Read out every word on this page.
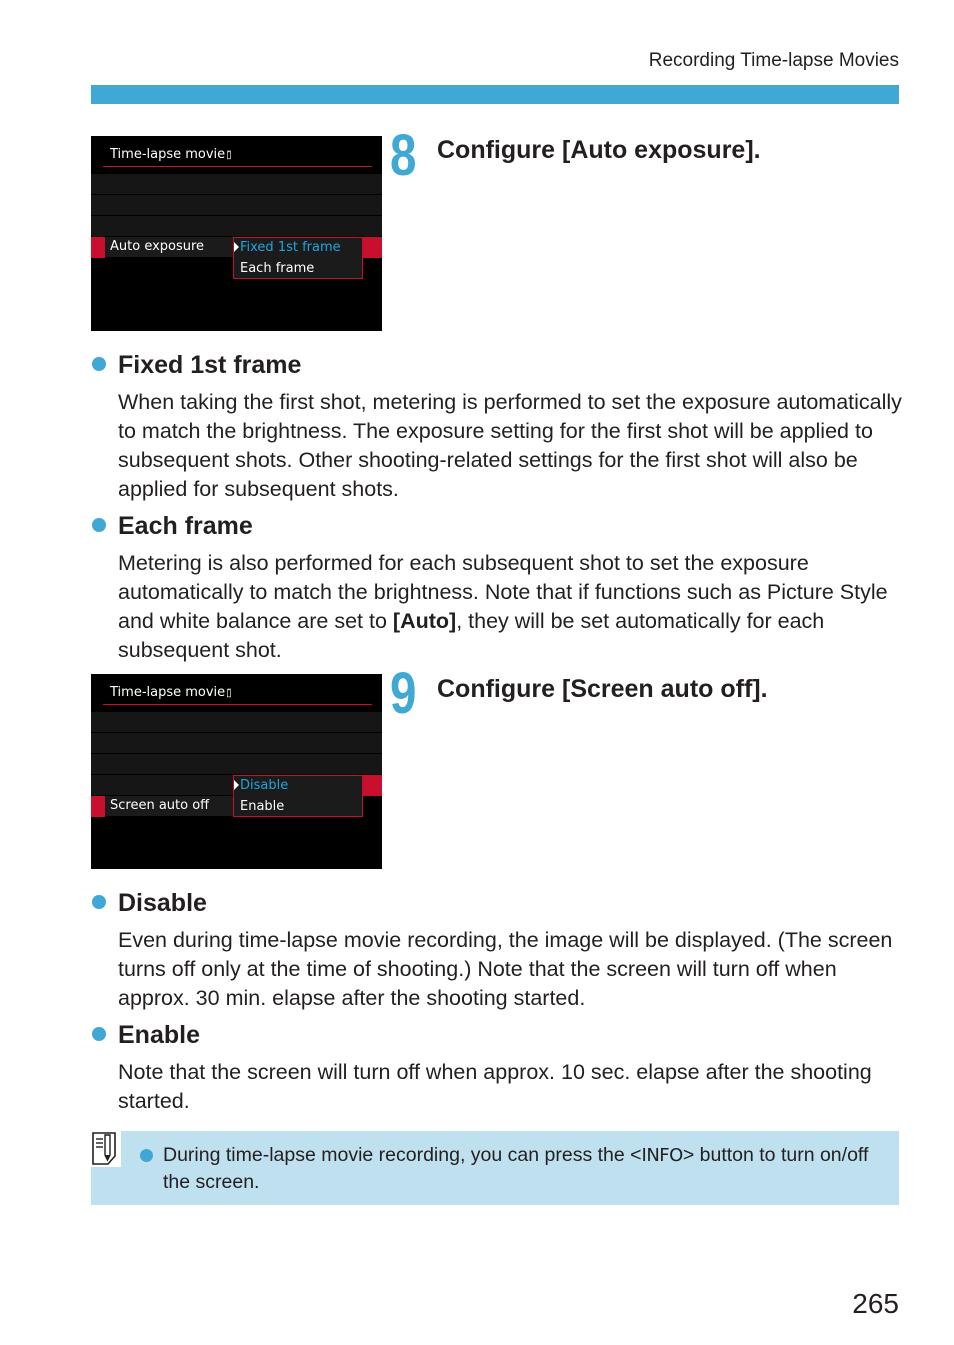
Recording Time-lapse Movies
Time-lapse movie▯̈
Auto exposure	Fixed 1st frame
Each frame
8 Configure [Auto exposure].
Fixed 1st frame
When taking the first shot, metering is performed to set the exposure automatically to match the brightness. The exposure setting for the first shot will be applied to subsequent shots. Other shooting-related settings for the first shot will also be applied for subsequent shots.
Each frame
Metering is also performed for each subsequent shot to set the exposure automatically to match the brightness. Note that if functions such as Picture Style and white balance are set to [Auto], they will be set automatically for each subsequent shot.
Time-lapse movie▯̈
Screen auto off
Disable
Enable
9 Configure [Screen auto off].
Disable
Even during time-lapse movie recording, the image will be displayed. (The screen turns off only at the time of shooting.) Note that the screen will turn off when approx. 30 min. elapse after the shooting started.
Enable
Note that the screen will turn off when approx. 10 sec. elapse after the shooting started.
During time-lapse movie recording, you can press the <INFO> button to turn on/off the screen.
265
